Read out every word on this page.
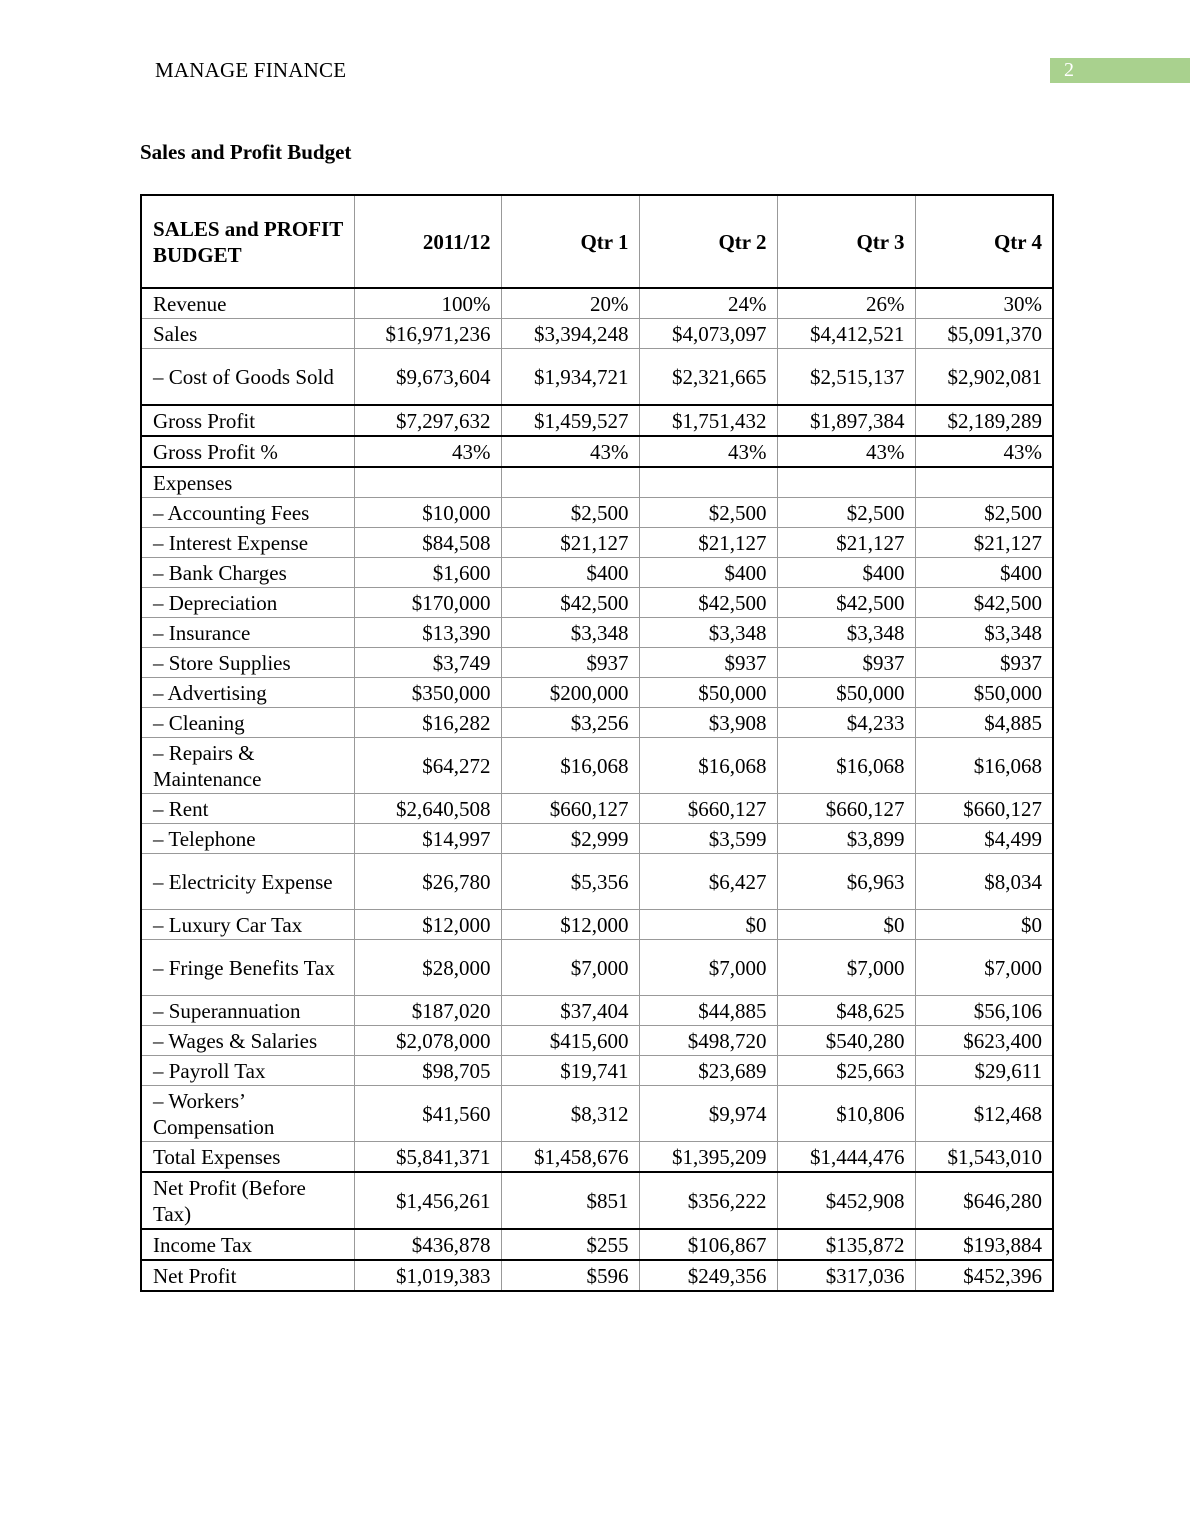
MANAGE FINANCE	2
Sales and Profit Budget
SALES and PROFIT BUDGET	2011/12	Qtr 1	Qtr 2	Qtr 3	Qtr 4
Revenue	100%	20%	24%	26%	30%
Sales	$16,971,236	$3,394,248	$4,073,097	$4,412,521	$5,091,370
– Cost of Goods Sold	$9,673,604	$1,934,721	$2,321,665	$2,515,137	$2,902,081
Gross Profit	$7,297,632	$1,459,527	$1,751,432	$1,897,384	$2,189,289
Gross Profit %	43%	43%	43%	43%	43%
Expenses					
– Accounting Fees	$10,000	$2,500	$2,500	$2,500	$2,500
– Interest Expense	$84,508	$21,127	$21,127	$21,127	$21,127
– Bank Charges	$1,600	$400	$400	$400	$400
– Depreciation	$170,000	$42,500	$42,500	$42,500	$42,500
– Insurance	$13,390	$3,348	$3,348	$3,348	$3,348
– Store Supplies	$3,749	$937	$937	$937	$937
– Advertising	$350,000	$200,000	$50,000	$50,000	$50,000
– Cleaning	$16,282	$3,256	$3,908	$4,233	$4,885
– Repairs & Maintenance	$64,272	$16,068	$16,068	$16,068	$16,068
– Rent	$2,640,508	$660,127	$660,127	$660,127	$660,127
– Telephone	$14,997	$2,999	$3,599	$3,899	$4,499
– Electricity Expense	$26,780	$5,356	$6,427	$6,963	$8,034
– Luxury Car Tax	$12,000	$12,000	$0	$0	$0
– Fringe Benefits Tax	$28,000	$7,000	$7,000	$7,000	$7,000
– Superannuation	$187,020	$37,404	$44,885	$48,625	$56,106
– Wages & Salaries	$2,078,000	$415,600	$498,720	$540,280	$623,400
– Payroll Tax	$98,705	$19,741	$23,689	$25,663	$29,611
– Workers’ Compensation	$41,560	$8,312	$9,974	$10,806	$12,468
Total Expenses	$5,841,371	$1,458,676	$1,395,209	$1,444,476	$1,543,010
Net Profit (Before Tax)	$1,456,261	$851	$356,222	$452,908	$646,280
Income Tax	$436,878	$255	$106,867	$135,872	$193,884
Net Profit	$1,019,383	$596	$249,356	$317,036	$452,396
